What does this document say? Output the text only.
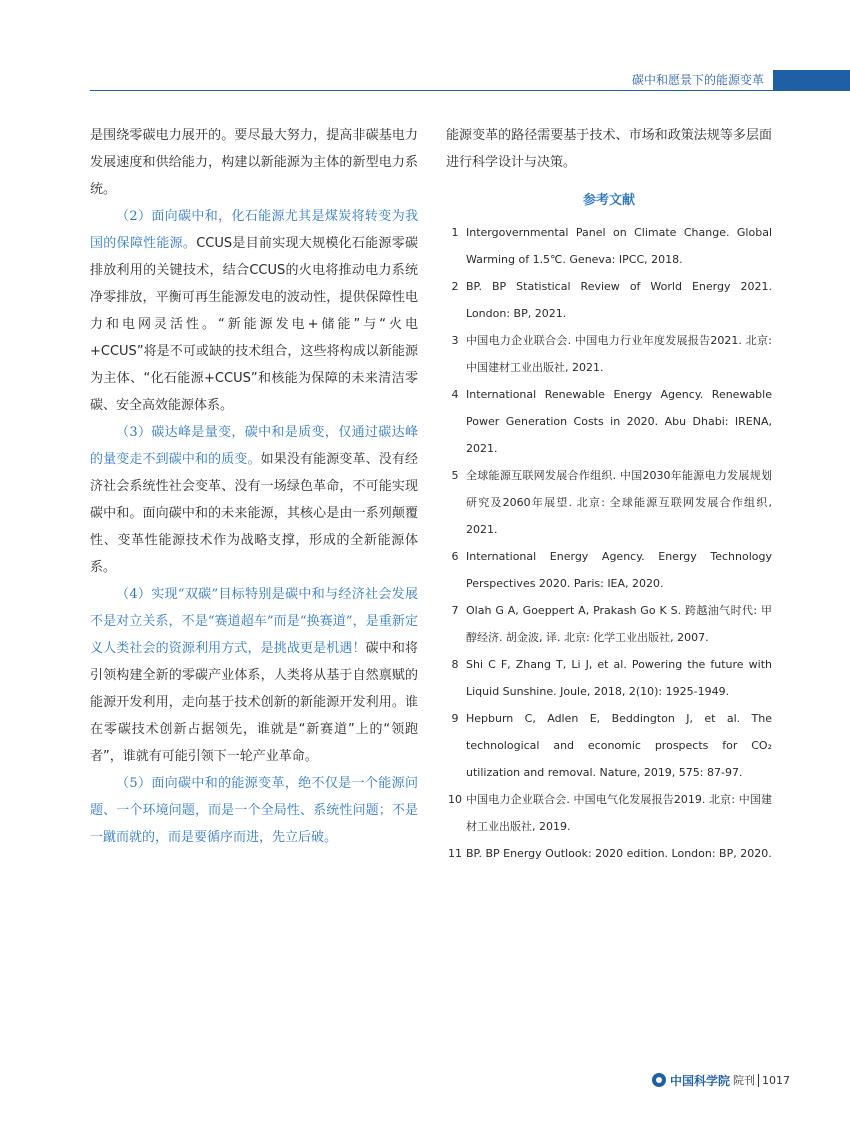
碳中和愿景下的能源变革

是围绕零碳电力展开的。要尽最大努力，提高非碳基电力发展速度和供给能力，构建以新能源为主体的新型电力系统。

（2）面向碳中和，化石能源尤其是煤炭将转变为我国的保障性能源。CCUS是目前实现大规模化石能源零碳排放利用的关键技术，结合CCUS的火电将推动电力系统净零排放，平衡可再生能源发电的波动性，提供保障性电力和电网灵活性。“新能源发电+储能”与“火电+CCUS”将是不可或缺的技术组合，这些将构成以新能源为主体、“化石能源+CCUS”和核能为保障的未来清洁零碳、安全高效能源体系。

（3）碳达峰是量变，碳中和是质变，仅通过碳达峰的量变走不到碳中和的质变。如果没有能源变革、没有经济社会系统性社会变革、没有一场绿色革命，不可能实现碳中和。面向碳中和的未来能源，其核心是由一系列颠覆性、变革性能源技术作为战略支撑，形成的全新能源体系。

（4）实现“双碳”目标特别是碳中和与经济社会发展不是对立关系，不是“赛道超车”而是“换赛道”，是重新定义人类社会的资源利用方式，是挑战更是机遇！碳中和将引领构建全新的零碳产业体系，人类将从基于自然禀赋的能源开发利用，走向基于技术创新的新能源开发利用。谁在零碳技术创新占据领先，谁就是“新赛道”上的“领跑者”，谁就有可能引领下一轮产业革命。

（5）面向碳中和的能源变革，绝不仅是一个能源问题、一个环境问题，而是一个全局性、系统性问题；不是一蹴而就的，而是要循序而进，先立后破。

能源变革的路径需要基于技术、市场和政策法规等多层面进行科学设计与决策。

参考文献
1 Intergovernmental Panel on Climate Change. Global Warming of 1.5℃. Geneva: IPCC, 2018.
2 BP. BP Statistical Review of World Energy 2021. London: BP, 2021.
3 中国电力企业联合会. 中国电力行业年度发展报告2021. 北京: 中国建材工业出版社, 2021.
4 International Renewable Energy Agency. Renewable Power Generation Costs in 2020. Abu Dhabi: IRENA, 2021.
5 全球能源互联网发展合作组织. 中国2030年能源电力发展规划研究及2060年展望. 北京: 全球能源互联网发展合作组织, 2021.
6 International Energy Agency. Energy Technology Perspectives 2020. Paris: IEA, 2020.
7 Olah G A, Goeppert A, Prakash Go K S. 跨越油气时代: 甲醇经济. 胡金波, 译. 北京: 化学工业出版社, 2007.
8 Shi C F, Zhang T, Li J, et al. Powering the future with Liquid Sunshine. Joule, 2018, 2(10): 1925-1949.
9 Hepburn C, Adlen E, Beddington J, et al. The technological and economic prospects for CO₂ utilization and removal. Nature, 2019, 575: 87-97.
10 中国电力企业联合会. 中国电气化发展报告2019. 北京: 中国建材工业出版社, 2019.
11 BP. BP Energy Outlook: 2020 edition. London: BP, 2020.
中国科学院 院刊 1017
